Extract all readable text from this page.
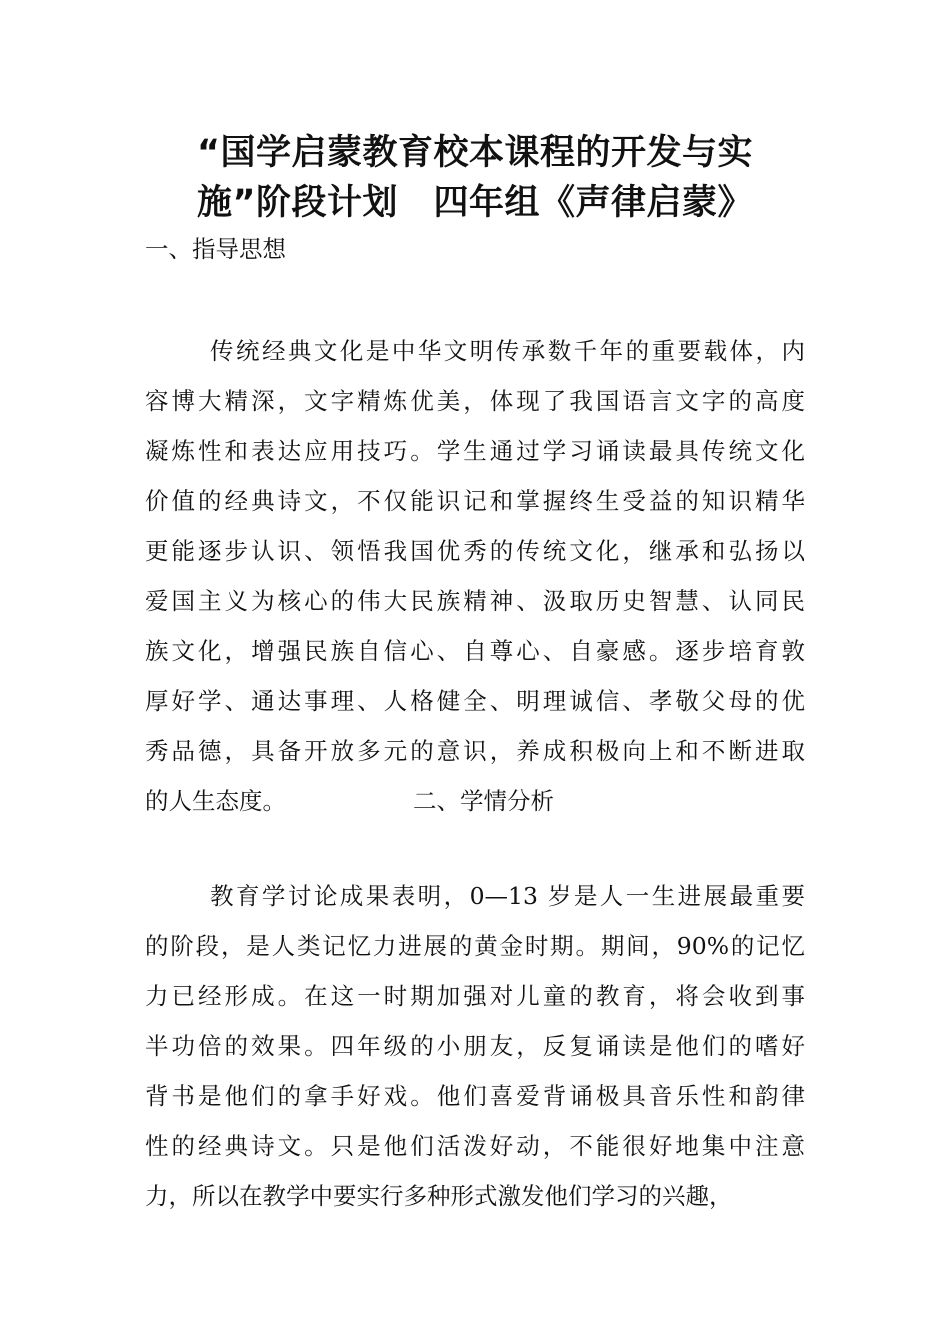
“国学启蒙教育校本课程的开发与实
施”阶段计划　四年组《声律启蒙》
一、指导思想
传统经典文化是中华文明传承数千年的重要载体，内
容博大精深，文字精炼优美，体现了我国语言文字的高度
凝炼性和表达应用技巧。学生通过学习诵读最具传统文化
价值的经典诗文，不仅能识记和掌握终生受益的知识精华
更能逐步认识、领悟我国优秀的传统文化，继承和弘扬以
爱国主义为核心的伟大民族精神、汲取历史智慧、认同民
族文化，增强民族自信心、自尊心、自豪感。逐步培育敦
厚好学、通达事理、人格健全、明理诚信、孝敬父母的优
秀品德，具备开放多元的意识，养成积极向上和不断进取
的人生态度。	二、学情分析
教育学讨论成果表明，0—13 岁是人一生进展最重要
的阶段，是人类记忆力进展的黄金时期。期间，90%的记忆
力已经形成。在这一时期加强对儿童的教育，将会收到事
半功倍的效果。四年级的小朋友，反复诵读是他们的嗜好
背书是他们的拿手好戏。他们喜爱背诵极具音乐性和韵律
性的经典诗文。只是他们活泼好动，不能很好地集中注意
力，所以在教学中要实行多种形式激发他们学习的兴趣，
